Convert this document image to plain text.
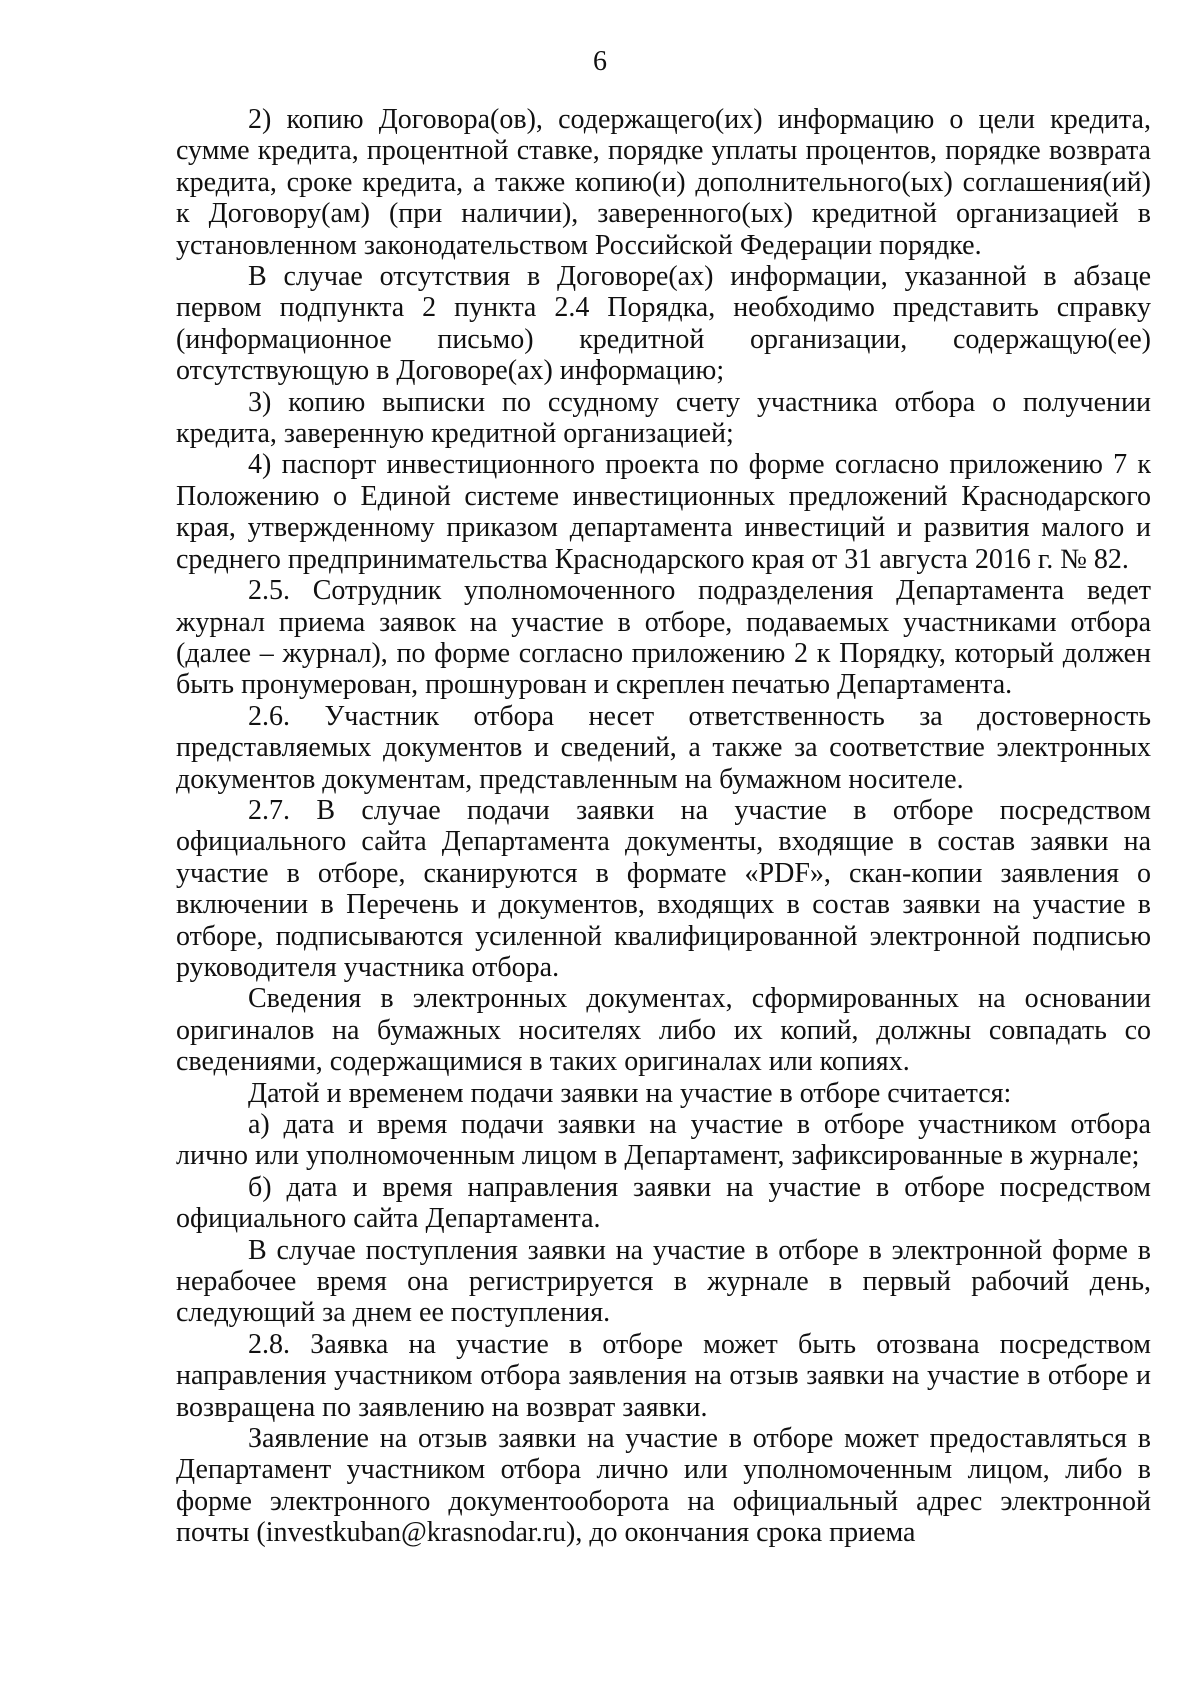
6

2) копию Договора(ов), содержащего(их) информацию о цели кредита, сумме кредита, процентной ставке, порядке уплаты процентов, порядке возврата кредита, сроке кредита, а также копию(и) дополнительного(ых) соглашения(ий) к Договору(ам) (при наличии), заверенного(ых) кредитной организацией в установленном законодательством Российской Федерации порядке.

В случае отсутствия в Договоре(ах) информации, указанной в абзаце первом подпункта 2 пункта 2.4 Порядка, необходимо представить справку (информационное письмо) кредитной организации, содержащую(ее) отсутствующую в Договоре(ах) информацию;

3) копию выписки по ссудному счету участника отбора о получении кредита, заверенную кредитной организацией;

4) паспорт инвестиционного проекта по форме согласно приложению 7 к Положению о Единой системе инвестиционных предложений Краснодарского края, утвержденному приказом департамента инвестиций и развития малого и среднего предпринимательства Краснодарского края от 31 августа 2016 г. № 82.

2.5. Сотрудник уполномоченного подразделения Департамента ведет журнал приема заявок на участие в отборе, подаваемых участниками отбора (далее – журнал), по форме согласно приложению 2 к Порядку, который должен быть пронумерован, прошнурован и скреплен печатью Департамента.

2.6. Участник отбора несет ответственность за достоверность представляемых документов и сведений, а также за соответствие электронных документов документам, представленным на бумажном носителе.

2.7. В случае подачи заявки на участие в отборе посредством официального сайта Департамента документы, входящие в состав заявки на участие в отборе, сканируются в формате «PDF», скан-копии заявления о включении в Перечень и документов, входящих в состав заявки на участие в отборе, подписываются усиленной квалифицированной электронной подписью руководителя участника отбора.

Сведения в электронных документах, сформированных на основании оригиналов на бумажных носителях либо их копий, должны совпадать со сведениями, содержащимися в таких оригиналах или копиях.

Датой и временем подачи заявки на участие в отборе считается:

а) дата и время подачи заявки на участие в отборе участником отбора лично или уполномоченным лицом в Департамент, зафиксированные в журнале;

б) дата и время направления заявки на участие в отборе посредством официального сайта Департамента.

В случае поступления заявки на участие в отборе в электронной форме в нерабочее время она регистрируется в журнале в первый рабочий день, следующий за днем ее поступления.

2.8. Заявка на участие в отборе может быть отозвана посредством направления участником отбора заявления на отзыв заявки на участие в отборе и возвращена по заявлению на возврат заявки.

Заявление на отзыв заявки на участие в отборе может предоставляться в Департамент участником отбора лично или уполномоченным лицом, либо в форме электронного документооборота на официальный адрес электронной почты (investkuban@krasnodar.ru), до окончания срока приема
